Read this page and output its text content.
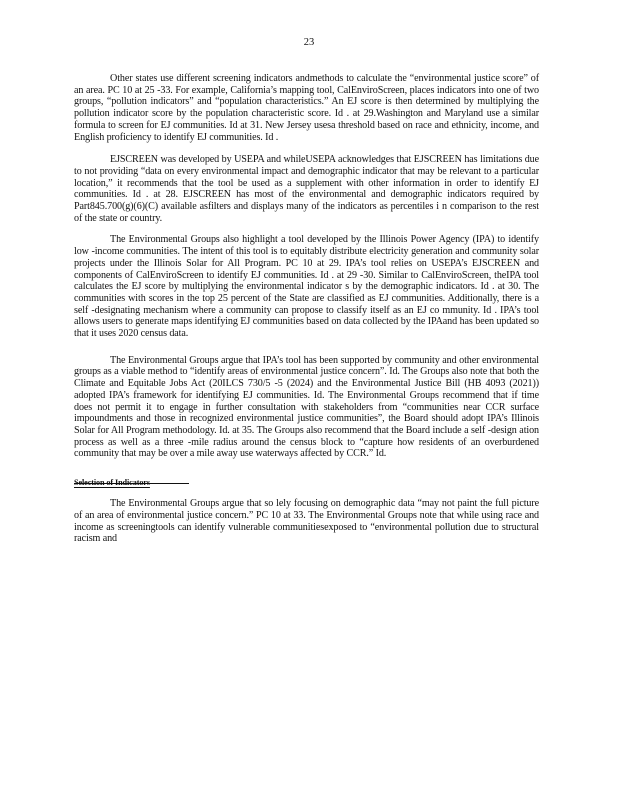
23

Other states use different screening indicators andmethods to calculate the “environmental justice score” of an area. PC 10 at 25 -33. For example, California’s mapping tool, CalEnviroScreen, places indicators into one of two groups, “pollution indicators” and “population characteristics.” An EJ score is then determined by multiplying the pollution indicator score by the population characteristic score. Id . at 29.Washington and Maryland use a similar formula to screen for EJ communities. Id at 31. New Jersey usesa threshold based on race and ethnicity, income, and English proficiency to identify EJ communities. Id .

EJSCREEN was developed by USEPA and whileUSEPA acknowledges that EJSCREEN has limitations due to not providing “data on every environmental impact and demographic indicator that may be relevant to a particular location,” it recommends that the tool be used as a supplement with other information in order to identify EJ communities. Id . at 28. EJSCREEN has most of the environmental and demographic indicators required by Part845.700(g)(6)(C) available asfilters and displays many of the indicators as percentiles i n comparison to the rest of the state or country.

The Environmental Groups also highlight a tool developed by the Illinois Power Agency (IPA) to identify low -income communities. The intent of this tool is to equitably distribute electricity generation and community solar projects under the Illinois Solar for All Program. PC 10 at 29. IPA’s tool relies on USEPA’s EJSCREEN and components of CalEnviroScreen to identify EJ communities. Id . at 29 -30. Similar to CalEnviroScreen, theIPA tool calculates the EJ score by multiplying the environmental indicator s by the demographic indicators. Id . at 30. The communities with scores in the top 25 percent of the State are classified as EJ communities. Additionally, there is a self -designating mechanism where a community can propose to classify itself as an EJ co mmunity. Id . IPA’s tool allows users to generate maps identifying EJ communities based on data collected by the IPAand has been updated so that it uses 2020 census data.

The Environmental Groups argue that IPA’s tool has been supported by community and other environmental groups as a viable method to “identify areas of environmental justice concern”. Id. The Groups also note that both the Climate and Equitable Jobs Act (20ILCS 730/5 -5 (2024) and the Environmental Justice Bill (HB 4093 (2021)) adopted IPA’s framework for identifying EJ communities. Id. The Environmental Groups recommend that if time does not permit it to engage in further consultation with stakeholders from “communities near CCR surface impoundments and those in recognized environmental justice communities”, the Board should adopt IPA’s Illinois Solar for All Program methodology. Id. at 35. The Groups also recommend that the Board include a self -design ation process as well as a three -mile radius around the census block to “capture how residents of an overburdened community that may be over a mile away use waterways affected by CCR.” Id.

Selection of Indicators

The Environmental Groups argue that so lely focusing on demographic data “may not paint the full picture of an area of environmental justice concern.” PC 10 at 33. The Environmental Groups note that while using race and income as screeningtools can identify vulnerable communitiesexposed to “environmental pollution due to structural racism and
